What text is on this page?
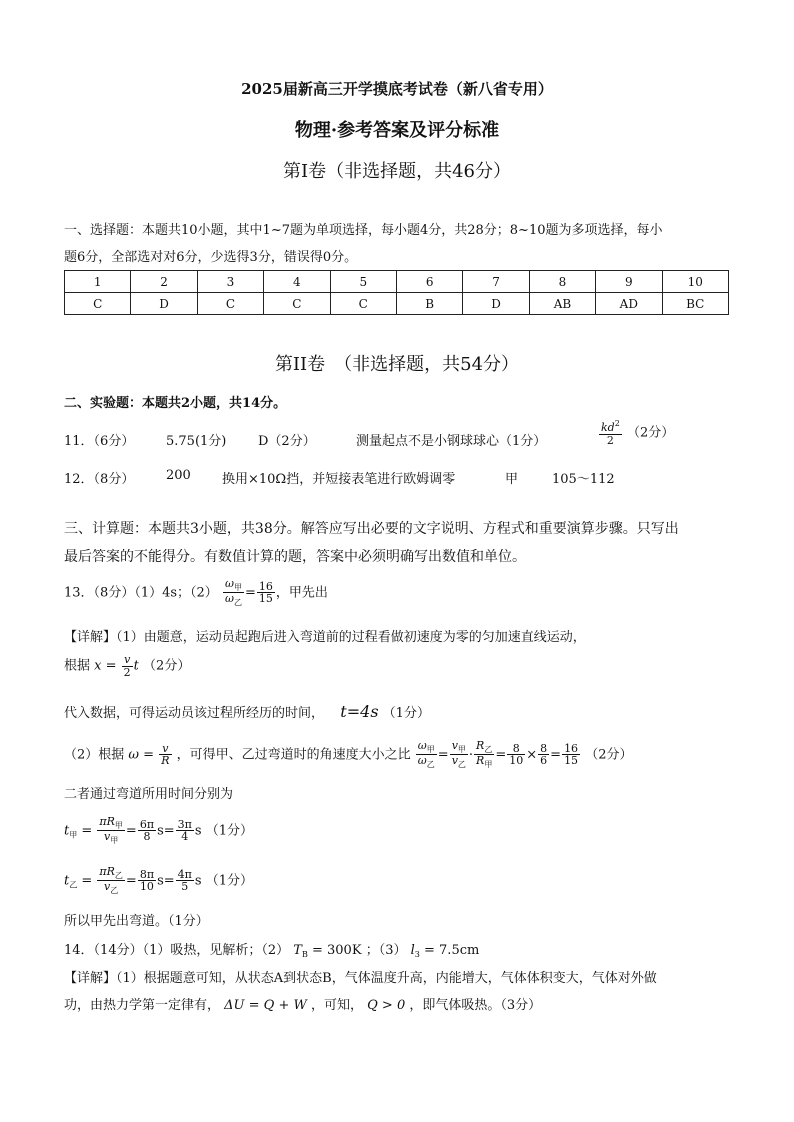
2025届新高三开学摸底考试卷（新八省专用）
物理·参考答案及评分标准
第I卷（非选择题，共46分）
一、选择题：本题共10小题，其中1~7题为单项选择，每小题4分，共28分；8~10题为多项选择，每小
题6分，全部选对对6分，少选得3分，错误得0分。
1	2	3	4	5	6	7	8	9	10
C	D	C	C	C	B	D	AB	AD	BC
第II卷　（非选择题，共54分）
二、实验题：本题共2小题，共14分。
11．（6分） 5.75(1分) D（2分）	测量起点不是小钢球球心（1分）	$\frac{kd^2}{2} (2$分）
12．（8分） 200 换用×10Ω挡，并短接表笔进行欧姆调零	甲	105～112
三、计算题：本题共3小题，共38分。解答应写出必要的文字说明、方程式和重要演算步骤。只写出
最后答案的不能得分。有数值计算的题，答案中必须明确写出数值和单位。
13．（8分）（1）4s；$(2) \frac{\omega_甲}{\omega_乙} = \frac{16}{15}$ ，甲先出
【详解】（1）由题意，运动员起跑后进入弯道前的过程看做初速度为零的匀加速直线运动，
根据 $x = \frac{v}{2}$ t （2分）
代入数据，可得运动员该过程所经历的时间， t=4s （1分）
（2）根据 $\omega = \frac{v}{R}$ ，可得甲、乙过弯道时的角速度大小之比 $\frac{\omega_甲}{\omega_乙} = \frac{v_甲}{v_乙} \cdot \frac{R_乙}{R_甲} = \frac{8}{10} \times \frac{8}{6} = \frac{16}{15} (2$分）
二者通过弯道所用时间分别为
$t_甲 = \frac{\pi R_甲}{v_甲} = \frac{6\pi}{8} s= \frac{3\pi}{4}$ s （1分）
$t_乙 = \frac{\pi R_乙}{v_乙} = \frac{8\pi}{10} s= \frac{4\pi}{5}$ s （1分）
所以甲先出弯道。（1分）
14．（14分）（1）吸热，见解析；（2） $T_B = 300K$ ；（3） $l_3 = 7.5cm$
【详解】（1）根据题意可知，从状态A到状态B，气体温度升高，内能增大，气体体积变大，气体对外做
功，由热力学第一定律有， ΔU = Q + W ，可知， Q > 0 ，即气体吸热。（3分）
